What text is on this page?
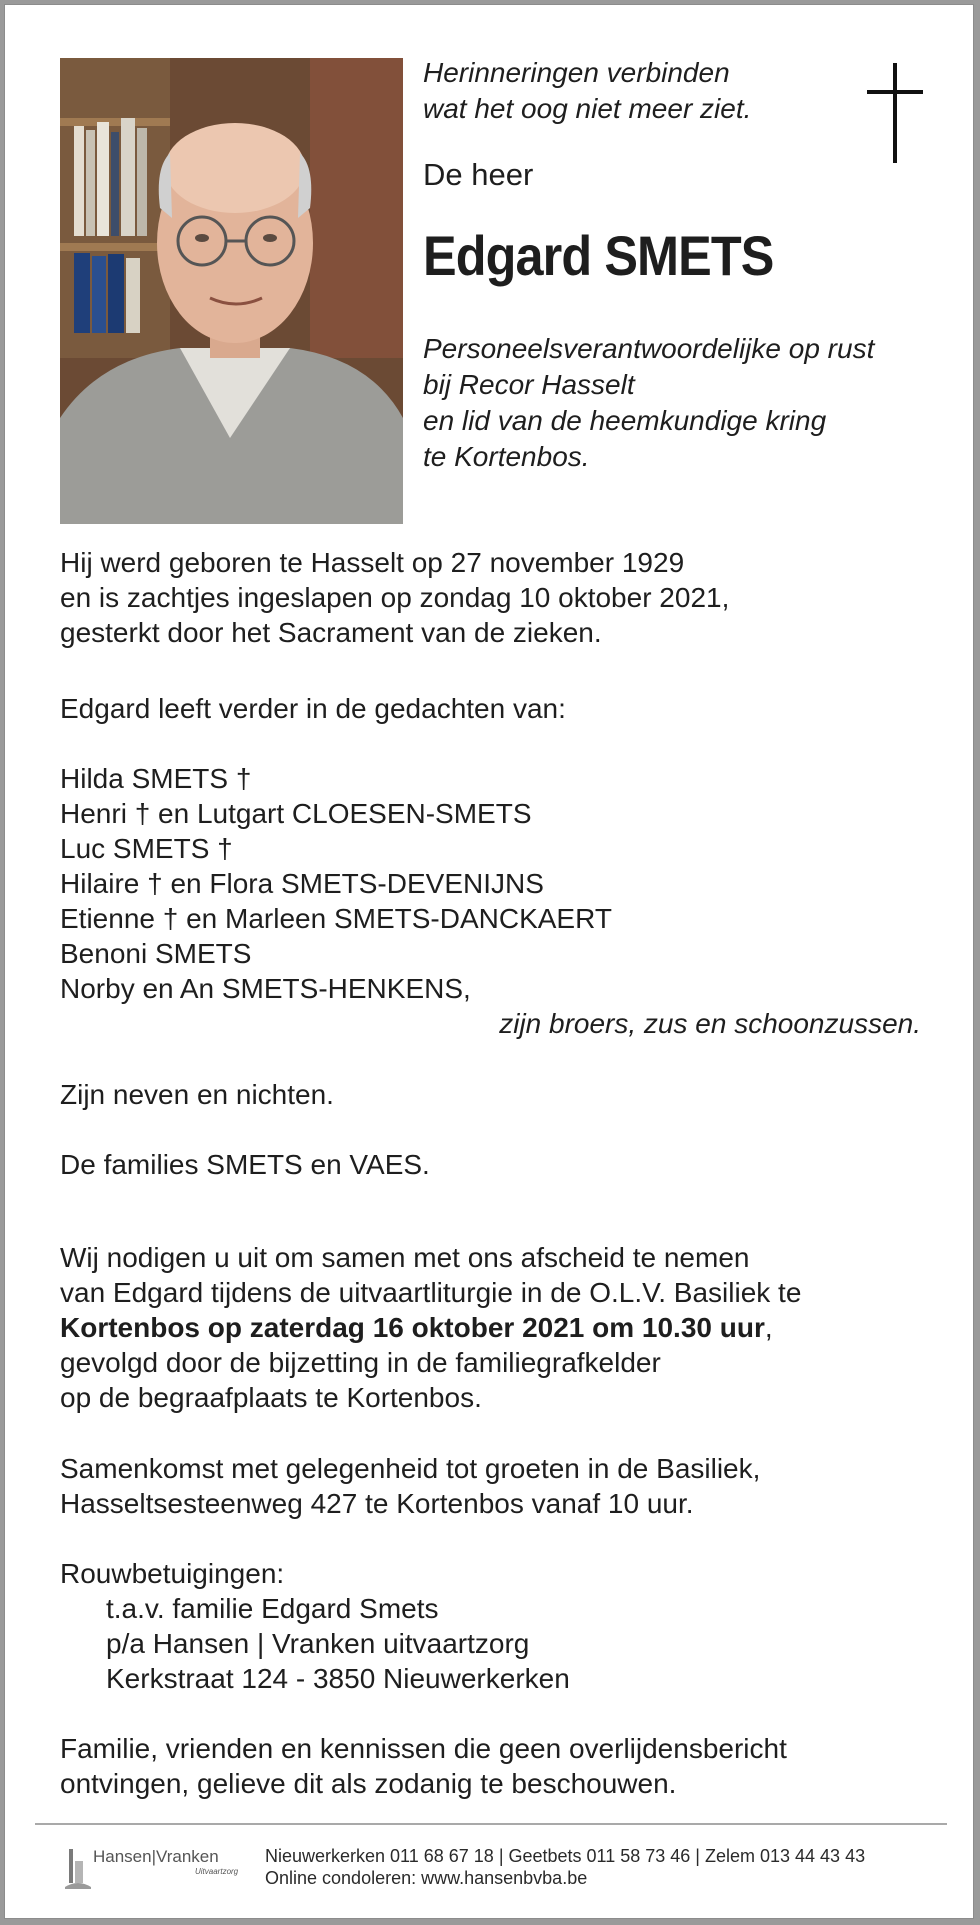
Herinneringen verbinden
wat het oog niet meer ziet.
De heer
Edgard SMETS
Personeelsverantwoordelijke op rust
bij Recor Hasselt
en lid van de heemkundige kring
te Kortenbos.
Hij werd geboren te Hasselt op 27 november 1929
en is zachtjes ingeslapen op zondag 10 oktober 2021,
gesterkt door het Sacrament van de zieken.
Edgard leeft verder in de gedachten van:
Hilda SMETS †
Henri † en Lutgart CLOESEN-SMETS
Luc SMETS †
Hilaire † en Flora SMETS-DEVENIJNS
Etienne † en Marleen SMETS-DANCKAERT
Benoni SMETS
Norby en An SMETS-HENKENS,
zijn broers, zus en schoonzussen.
Zijn neven en nichten.
De families SMETS en VAES.
Wij nodigen u uit om samen met ons afscheid te nemen
van Edgard tijdens de uitvaartliturgie in de O.L.V. Basiliek te
Kortenbos op zaterdag 16 oktober 2021 om 10.30 uur,
gevolgd door de bijzetting in de familiegrafkelder
op de begraafplaats te Kortenbos.
Samenkomst met gelegenheid tot groeten in de Basiliek,
Hasseltsesteenweg 427 te Kortenbos vanaf 10 uur.
Rouwbetuigingen:
t.a.v. familie Edgard Smets
p/a Hansen | Vranken uitvaartzorg
Kerkstraat 124 - 3850 Nieuwerkerken
Familie, vrienden en kennissen die geen overlijdensbericht
ontvingen, gelieve dit als zodanig te beschouwen.
Hansen|Vranken
Uitvaartzorg
Nieuwerkerken 011 68 67 18 | Geetbets 011 58 73 46 | Zelem 013 44 43 43
Online condoleren: www.hansenbvba.be
